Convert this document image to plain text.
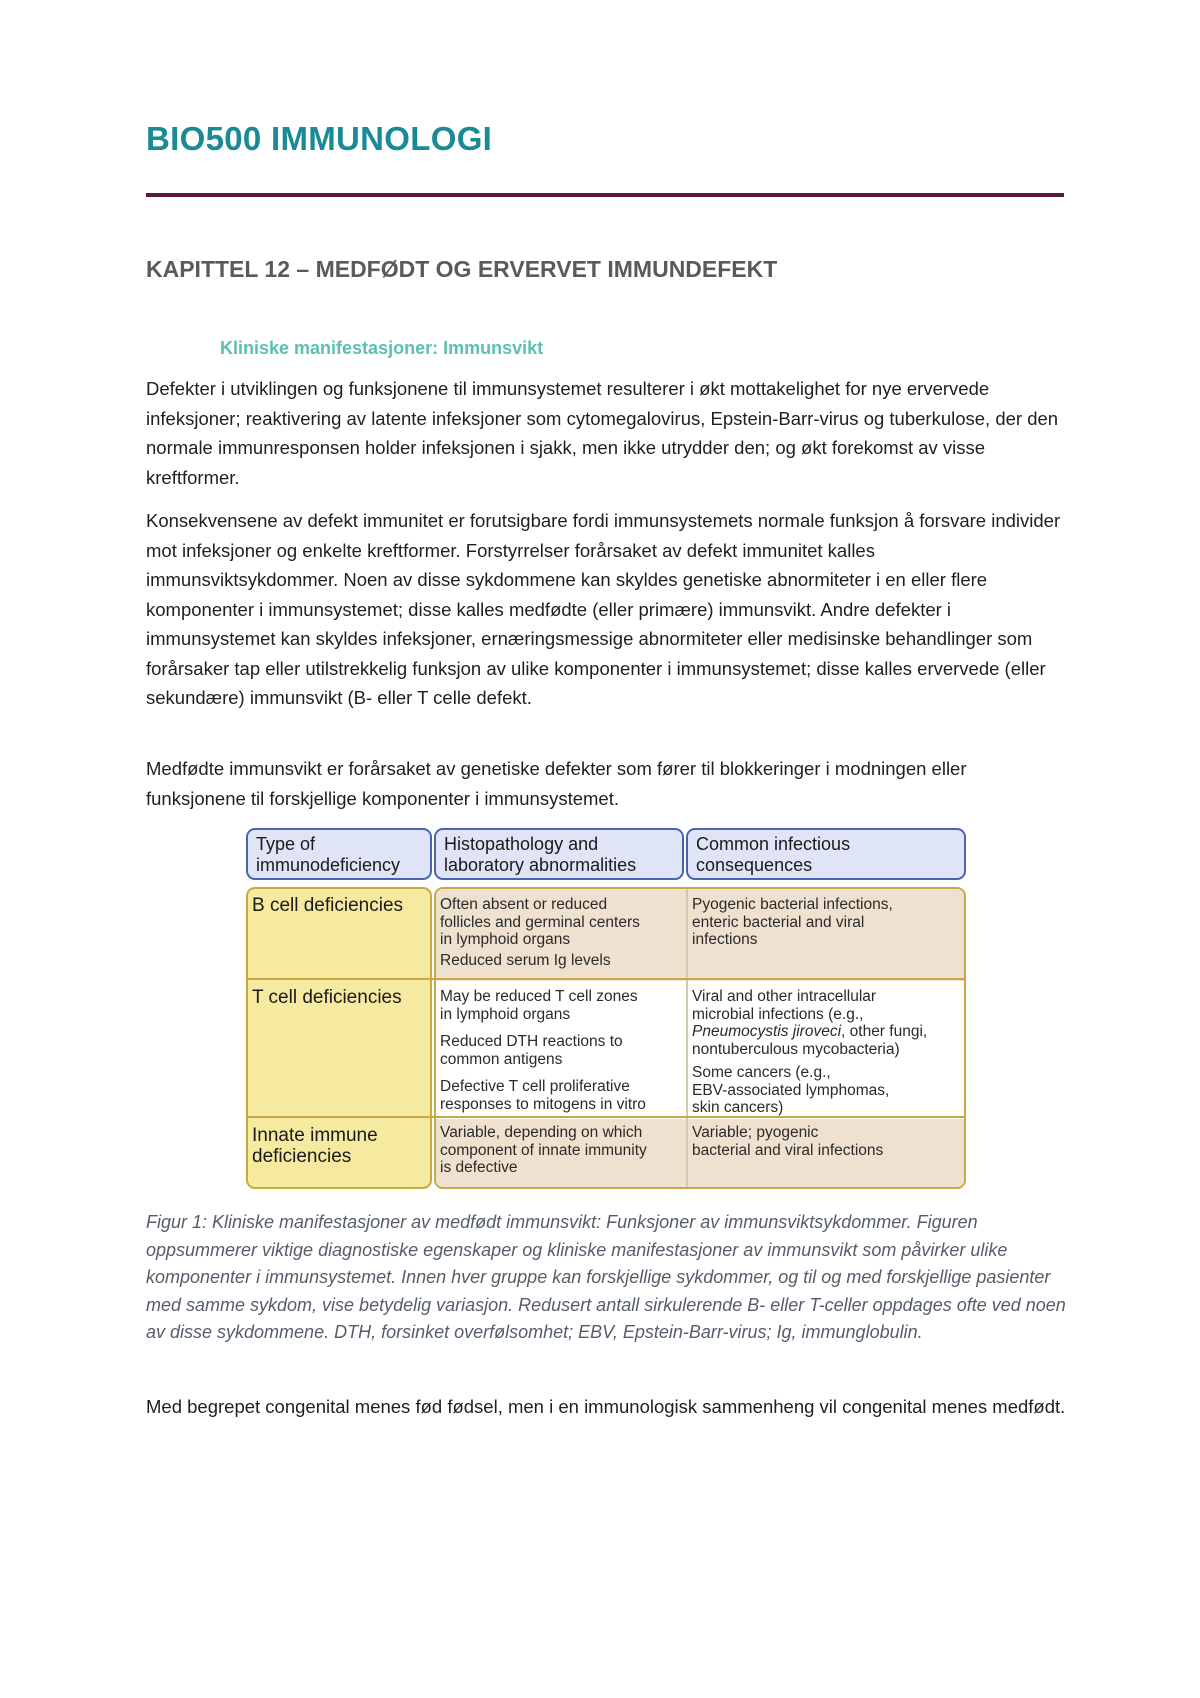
BIO500 IMMUNOLOGI
KAPITTEL 12 – MEDFØDT OG ERVERVET IMMUNDEFEKT
Kliniske manifestasjoner: Immunsvikt

Defekter i utviklingen og funksjonene til immunsystemet resulterer i økt mottakelighet for nye ervervede infeksjoner; reaktivering av latente infeksjoner som cytomegalovirus, Epstein-Barr-virus og tuberkulose, der den normale immunresponsen holder infeksjonen i sjakk, men ikke utrydder den; og økt forekomst av visse kreftformer.

Konsekvensene av defekt immunitet er forutsigbare fordi immunsystemets normale funksjon å forsvare individer mot infeksjoner og enkelte kreftformer. Forstyrrelser forårsaket av defekt immunitet kalles immunsviktsykdommer. Noen av disse sykdommene kan skyldes genetiske abnormiteter i en eller flere komponenter i immunsystemet; disse kalles medfødte (eller primære) immunsvikt. Andre defekter i immunsystemet kan skyldes infeksjoner, ernæringsmessige abnormiteter eller medisinske behandlinger som forårsaker tap eller utilstrekkelig funksjon av ulike komponenter i immunsystemet; disse kalles ervervede (eller sekundære) immunsvikt (B- eller T celle defekt.

Medfødte immunsvikt er forårsaket av genetiske defekter som fører til blokkeringer i modningen eller funksjonene til forskjellige komponenter i immunsystemet.

Type of
immunodeficiency
Histopathology and
laboratory abnormalities
Common infectious
consequences
B cell deficiencies Often absent or reduced
follicles and germinal centers
in lymphoid organs

Reduced serum Ig levels

Pyogenic bacterial infections,
enteric bacterial and viral
infections

T cell deficiencies May be reduced T cell zones
in lymphoid organs

Reduced DTH reactions to
common antigens

Defective T cell proliferative
responses to mitogens in vitro

Viral and other intracellular
microbial infections (e.g.,
Pneumocystis jiroveci, other fungi,
nontuberculous mycobacteria)

Some cancers (e.g.,
EBV-associated lymphomas,
skin cancers)

Innate immune
deficiencies

Variable, depending on which
component of innate immunity
is defective

Variable; pyogenic
bacterial and viral infections

Figur 1: Kliniske manifestasjoner av medfødt immunsvikt: Funksjoner av immunsviktsykdommer. Figuren oppsummerer viktige diagnostiske egenskaper og kliniske manifestasjoner av immunsvikt som påvirker ulike komponenter i immunsystemet. Innen hver gruppe kan forskjellige sykdommer, og til og med forskjellige pasienter med samme sykdom, vise betydelig variasjon. Redusert antall sirkulerende B- eller T-celler oppdages ofte ved noen av disse sykdommene. DTH, forsinket overfølsomhet; EBV, Epstein-Barr-virus; Ig, immunglobulin.

Med begrepet congenital menes fød fødsel, men i en immunologisk sammenheng vil congenital menes medfødt.
